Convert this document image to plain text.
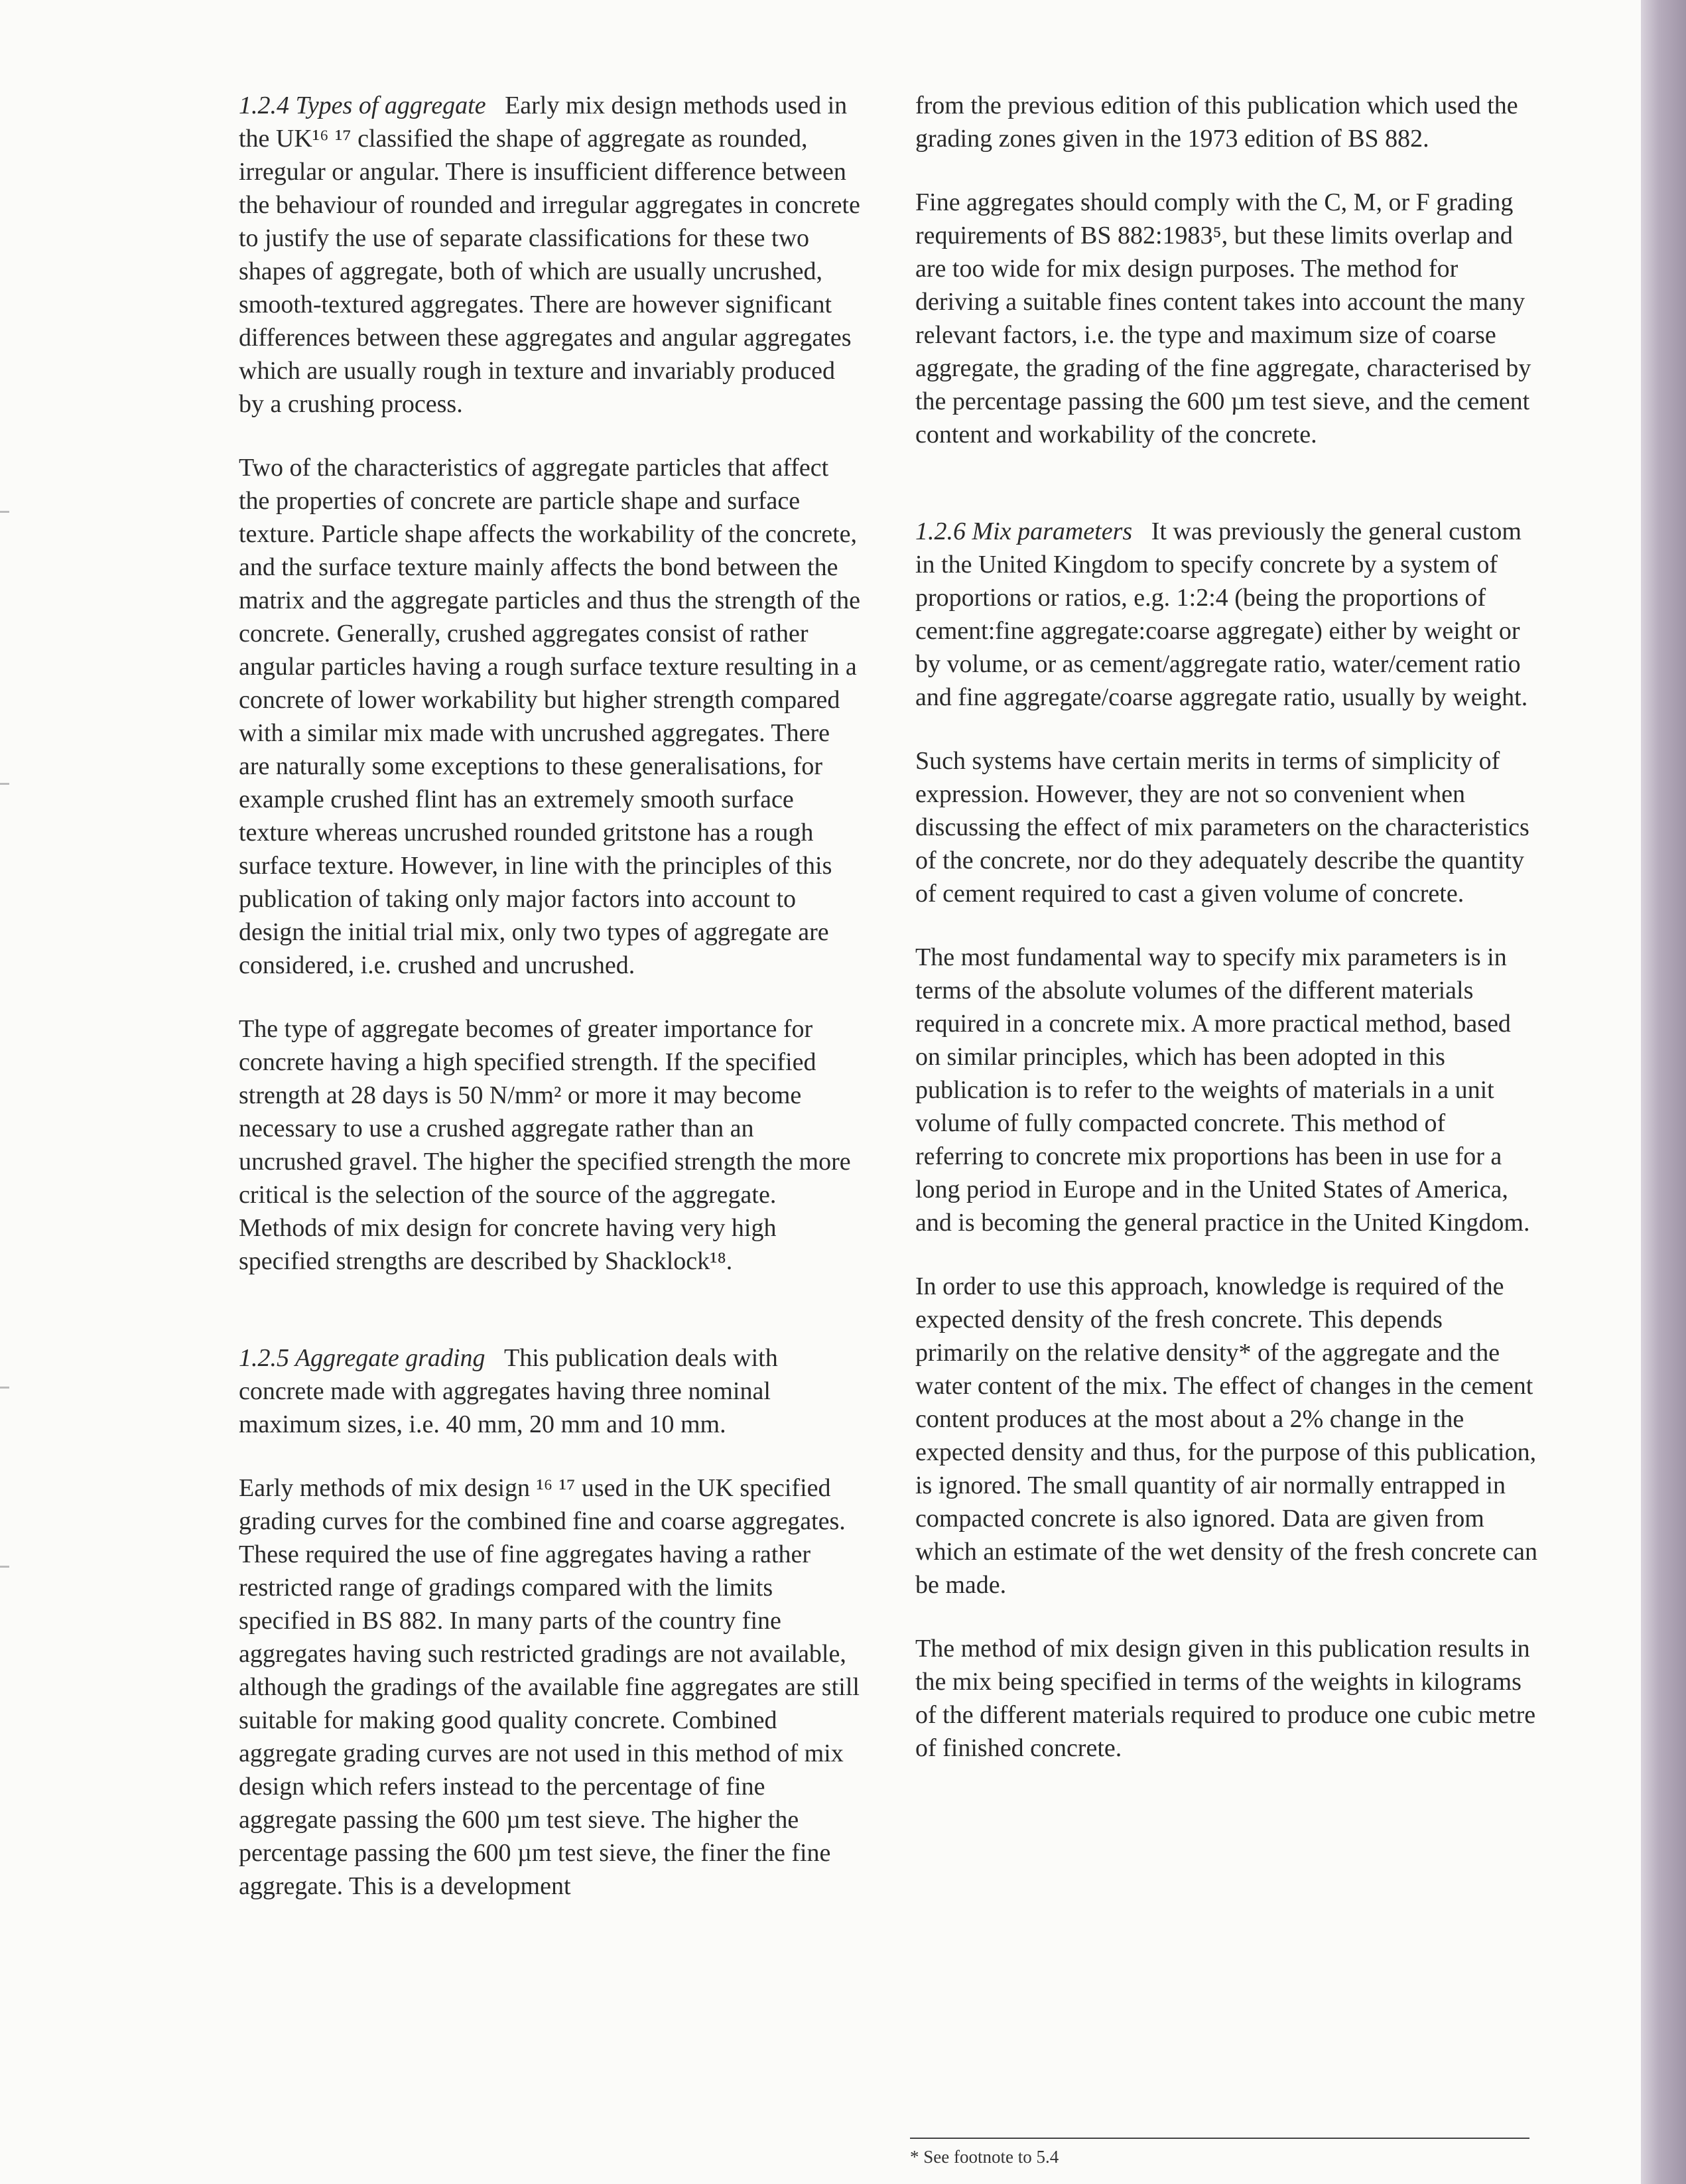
1.2.4 Types of aggregate Early mix design methods used in the UK¹⁶ ¹⁷ classified the shape of aggregate as rounded, irregular or angular. There is insufficient difference between the behaviour of rounded and irregular aggregates in concrete to justify the use of separate classifications for these two shapes of aggregate, both of which are usually uncrushed, smooth-textured aggregates. There are however significant differences between these aggregates and angular aggregates which are usually rough in texture and invariably produced by a crushing process.

Two of the characteristics of aggregate particles that affect the properties of concrete are particle shape and surface texture. Particle shape affects the workability of the concrete, and the surface texture mainly affects the bond between the matrix and the aggregate particles and thus the strength of the concrete. Generally, crushed aggregates consist of rather angular particles having a rough surface texture resulting in a concrete of lower workability but higher strength compared with a similar mix made with uncrushed aggregates. There are naturally some exceptions to these generalisations, for example crushed flint has an extremely smooth surface texture whereas uncrushed rounded gritstone has a rough surface texture. However, in line with the principles of this publication of taking only major factors into account to design the initial trial mix, only two types of aggregate are considered, i.e. crushed and uncrushed.

The type of aggregate becomes of greater importance for concrete having a high specified strength. If the specified strength at 28 days is 50 N/mm² or more it may become necessary to use a crushed aggregate rather than an uncrushed gravel. The higher the specified strength the more critical is the selection of the source of the aggregate. Methods of mix design for concrete having very high specified strengths are described by Shacklock¹⁸.

1.2.5 Aggregate grading This publication deals with concrete made with aggregates having three nominal maximum sizes, i.e. 40 mm, 20 mm and 10 mm.

Early methods of mix design ¹⁶ ¹⁷ used in the UK specified grading curves for the combined fine and coarse aggregates. These required the use of fine aggregates having a rather restricted range of gradings compared with the limits specified in BS 882. In many parts of the country fine aggregates having such restricted gradings are not available, although the gradings of the available fine aggregates are still suitable for making good quality concrete. Combined aggregate grading curves are not used in this method of mix design which refers instead to the percentage of fine aggregate passing the 600 µm test sieve. The higher the percentage passing the 600 µm test sieve, the finer the fine aggregate. This is a development

from the previous edition of this publication which used the grading zones given in the 1973 edition of BS 882.

Fine aggregates should comply with the C, M, or F grading requirements of BS 882:1983⁵, but these limits overlap and are too wide for mix design purposes. The method for deriving a suitable fines content takes into account the many relevant factors, i.e. the type and maximum size of coarse aggregate, the grading of the fine aggregate, characterised by the percentage passing the 600 µm test sieve, and the cement content and workability of the concrete.

1.2.6 Mix parameters It was previously the general custom in the United Kingdom to specify concrete by a system of proportions or ratios, e.g. 1:2:4 (being the proportions of cement:fine aggregate:coarse aggregate) either by weight or by volume, or as cement/aggregate ratio, water/cement ratio and fine aggregate/coarse aggregate ratio, usually by weight.

Such systems have certain merits in terms of simplicity of expression. However, they are not so convenient when discussing the effect of mix parameters on the characteristics of the concrete, nor do they adequately describe the quantity of cement required to cast a given volume of concrete.

The most fundamental way to specify mix parameters is in terms of the absolute volumes of the different materials required in a concrete mix. A more practical method, based on similar principles, which has been adopted in this publication is to refer to the weights of materials in a unit volume of fully compacted concrete. This method of referring to concrete mix proportions has been in use for a long period in Europe and in the United States of America, and is becoming the general practice in the United Kingdom.

In order to use this approach, knowledge is required of the expected density of the fresh concrete. This depends primarily on the relative density* of the aggregate and the water content of the mix. The effect of changes in the cement content produces at the most about a 2% change in the expected density and thus, for the purpose of this publication, is ignored. The small quantity of air normally entrapped in compacted concrete is also ignored. Data are given from which an estimate of the wet density of the fresh concrete can be made.

The method of mix design given in this publication results in the mix being specified in terms of the weights in kilograms of the different materials required to produce one cubic metre of finished concrete.

* See footnote to 5.4
